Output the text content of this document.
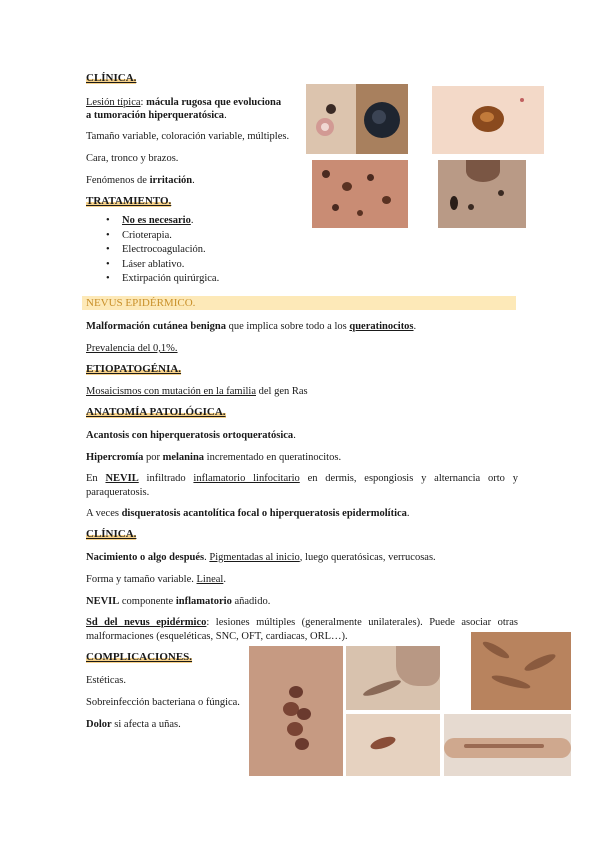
CLÍNICA.
Lesión típica: mácula rugosa que evoluciona
a tumoración hiperqueratósica.
Tamaño variable, coloración variable, múltiples.
Cara, tronco y brazos.
Fenómenos de irritación.
TRATAMIENTO.
• No es necesario.
• Crioterapia.
• Electrocoagulación.
• Láser ablativo.
• Extirpación quirúrgica.
NEVUS EPIDÉRMICO.
Malformación cutánea benigna que implica sobre todo a los queratinocitos.
Prevalencia del 0,1%.
ETIOPATOGÉNIA.
Mosaicismos con mutación en la familia del gen Ras
ANATOMÍA PATOLÓGICA.
Acantosis con hiperqueratosis ortoqueratósica.
Hipercromía por melanina incrementado en queratinocitos.
En NEVIL infiltrado inflamatorio linfocitario en dermis, espongiosis y alternancia orto y paraqueratosis.
A veces disqueratosis acantolítica focal o hiperqueratosis epidermolítica.
CLÍNICA.
Nacimiento o algo después. Pigmentadas al inicio, luego queratósicas, verrucosas.
Forma y tamaño variable. Lineal.
NEVIL componente inflamatorio añadido.
Sd del nevus epidérmico: lesiones múltiples (generalmente unilaterales). Puede asociar otras malformaciones (esqueléticas, SNC, OFT, cardiacas, ORL…).
COMPLICACIONES.
Estéticas.
Sobreinfección bacteriana o fúngica.
Dolor si afecta a uñas.
